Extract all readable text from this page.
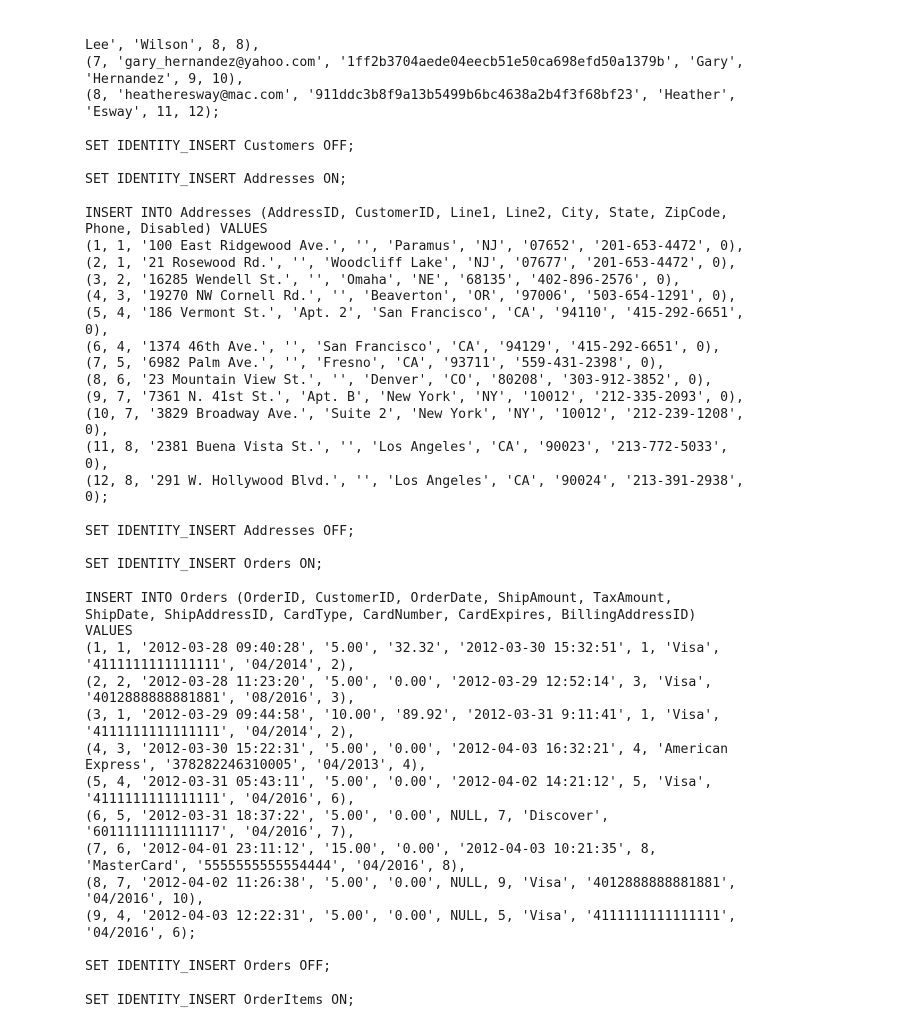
Lee', 'Wilson', 8, 8),
(7, 'gary_hernandez@yahoo.com', '1ff2b3704aede04eecb51e50ca698efd50a1379b', 'Gary',
'Hernandez', 9, 10),
(8, 'heatheresway@mac.com', '911ddc3b8f9a13b5499b6bc4638a2b4f3f68bf23', 'Heather',
'Esway', 11, 12);
SET IDENTITY_INSERT Customers OFF;
SET IDENTITY_INSERT Addresses ON;
INSERT INTO Addresses (AddressID, CustomerID, Line1, Line2, City, State, ZipCode,
Phone, Disabled) VALUES
(1, 1, '100 East Ridgewood Ave.', '', 'Paramus', 'NJ', '07652', '201-653-4472', 0),
(2, 1, '21 Rosewood Rd.', '', 'Woodcliff Lake', 'NJ', '07677', '201-653-4472', 0),
(3, 2, '16285 Wendell St.', '', 'Omaha', 'NE', '68135', '402-896-2576', 0),
(4, 3, '19270 NW Cornell Rd.', '', 'Beaverton', 'OR', '97006', '503-654-1291', 0),
(5, 4, '186 Vermont St.', 'Apt. 2', 'San Francisco', 'CA', '94110', '415-292-6651',
0),
(6, 4, '1374 46th Ave.', '', 'San Francisco', 'CA', '94129', '415-292-6651', 0),
(7, 5, '6982 Palm Ave.', '', 'Fresno', 'CA', '93711', '559-431-2398', 0),
(8, 6, '23 Mountain View St.', '', 'Denver', 'CO', '80208', '303-912-3852', 0),
(9, 7, '7361 N. 41st St.', 'Apt. B', 'New York', 'NY', '10012', '212-335-2093', 0),
(10, 7, '3829 Broadway Ave.', 'Suite 2', 'New York', 'NY', '10012', '212-239-1208',
0),
(11, 8, '2381 Buena Vista St.', '', 'Los Angeles', 'CA', '90023', '213-772-5033',
0),
(12, 8, '291 W. Hollywood Blvd.', '', 'Los Angeles', 'CA', '90024', '213-391-2938',
0);
SET IDENTITY_INSERT Addresses OFF;
SET IDENTITY_INSERT Orders ON;
INSERT INTO Orders (OrderID, CustomerID, OrderDate, ShipAmount, TaxAmount,
ShipDate, ShipAddressID, CardType, CardNumber, CardExpires, BillingAddressID)
VALUES
(1, 1, '2012-03-28 09:40:28', '5.00', '32.32', '2012-03-30 15:32:51', 1, 'Visa',
'4111111111111111', '04/2014', 2),
(2, 2, '2012-03-28 11:23:20', '5.00', '0.00', '2012-03-29 12:52:14', 3, 'Visa',
'4012888888881881', '08/2016', 3),
(3, 1, '2012-03-29 09:44:58', '10.00', '89.92', '2012-03-31 9:11:41', 1, 'Visa',
'4111111111111111', '04/2014', 2),
(4, 3, '2012-03-30 15:22:31', '5.00', '0.00', '2012-04-03 16:32:21', 4, 'American
Express', '378282246310005', '04/2013', 4),
(5, 4, '2012-03-31 05:43:11', '5.00', '0.00', '2012-04-02 14:21:12', 5, 'Visa',
'4111111111111111', '04/2016', 6),
(6, 5, '2012-03-31 18:37:22', '5.00', '0.00', NULL, 7, 'Discover',
'6011111111111117', '04/2016', 7),
(7, 6, '2012-04-01 23:11:12', '15.00', '0.00', '2012-04-03 10:21:35', 8,
'MasterCard', '5555555555554444', '04/2016', 8),
(8, 7, '2012-04-02 11:26:38', '5.00', '0.00', NULL, 9, 'Visa', '4012888888881881',
'04/2016', 10),
(9, 4, '2012-04-03 12:22:31', '5.00', '0.00', NULL, 5, 'Visa', '4111111111111111',
'04/2016', 6);
SET IDENTITY_INSERT Orders OFF;
SET IDENTITY_INSERT OrderItems ON;
